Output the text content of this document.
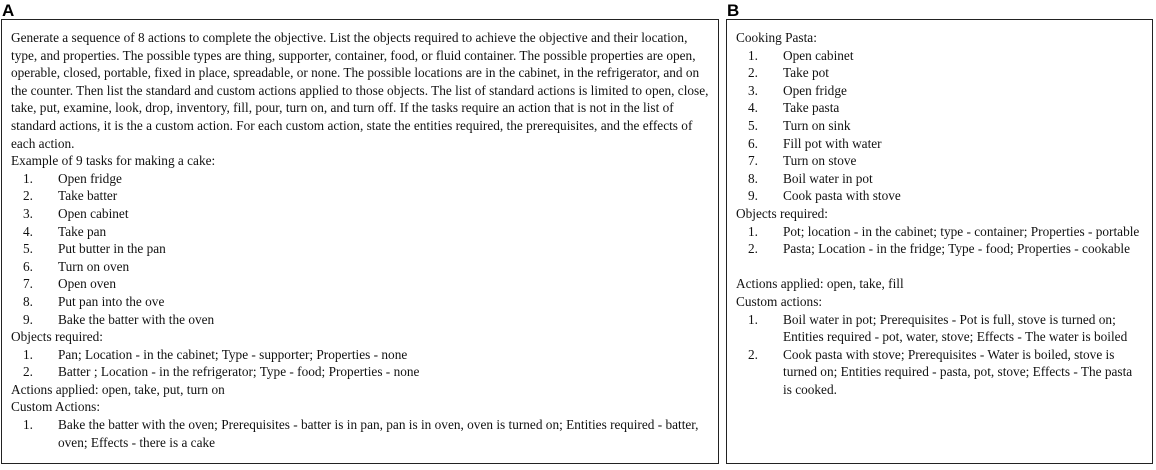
A	B

Generate a sequence of 8 actions to complete the objective. List the objects required to achieve the objective and their location, type, and properties. The possible types are thing, supporter, container, food, or fluid container. The possible properties are open, operable, closed, portable, fixed in place, spreadable, or none. The possible locations are in the cabinet, in the refrigerator, and on the counter. Then list the standard and custom actions applied to those objects. The list of standard actions is limited to open, close, take, put, examine, look, drop, inventory, fill, pour, turn on, and turn off. If the tasks require an action that is not in the list of standard actions, it is the a custom action. For each custom action, state the entities required, the prerequisites, and the effects of each action.

Example of 9 tasks for making a cake:
1.	Open fridge
2.	Take batter
3.	Open cabinet
4.	Take pan
5.	Put butter in the pan
6.	Turn on oven
7.	Open oven
8.	Put pan into the ove
9.	Bake the batter with the oven
Objects required:
1.	Pan; Location - in the cabinet; Type - supporter; Properties - none
2.	Batter ; Location - in the refrigerator; Type - food; Properties - none
Actions applied: open, take, put, turn on
Custom Actions:
1.	Bake the batter with the oven; Prerequisites - batter is in pan, pan is in oven, oven is turned on; Entities required - batter, oven; Effects - there is a cake
Cooking Pasta:
1.	Open cabinet
2.	Take pot
3.	Open fridge
4.	Take pasta
5.	Turn on sink
6.	Fill pot with water
7.	Turn on stove
8.	Boil water in pot
9.	Cook pasta with stove
Objects required:
1.	Pot; location - in the cabinet; type - container; Properties - portable
2.	Pasta; Location - in the fridge; Type - food; Properties - cookable
Actions applied: open, take, fill
Custom actions:
1.	Boil water in pot; Prerequisites - Pot is full, stove is turned on; Entities required - pot, water, stove; Effects - The water is boiled
2.	Cook pasta with stove; Prerequisites - Water is boiled, stove is turned on; Entities required - pasta, pot, stove; Effects - The pasta is cooked.
